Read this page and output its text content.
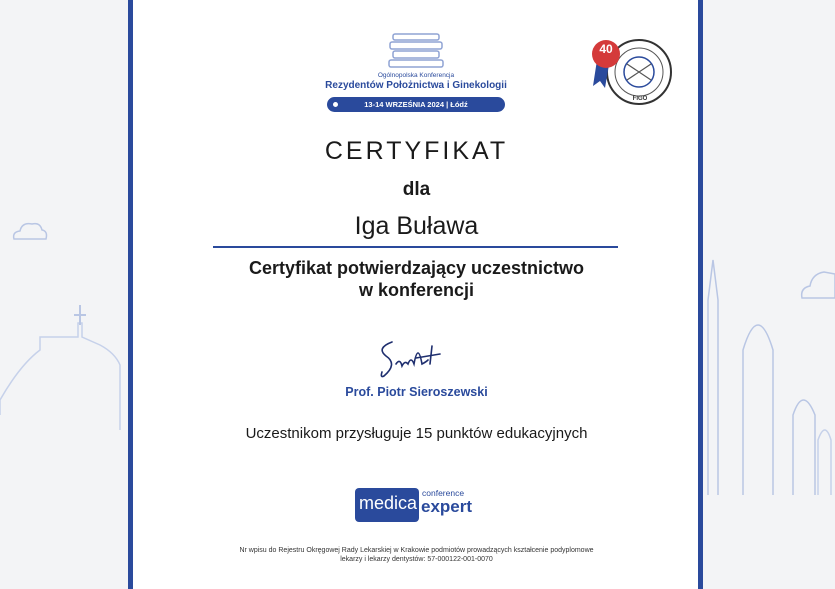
Ogólnopolska Konferencja
Rezydentów Położnictwa i Ginekologii
13-14 WRZEŚNIA 2024 | Łódź
40
FIGO
CERTYFIKAT
dla
Iga Buława
Certyfikat potwierdzający uczestnictwo
w konferencji
Prof. Piotr Sieroszewski
Uczestnikom przysługuje 15 punktów edukacyjnych
medica conference
expert
Nr wpisu do Rejestru Okręgowej Rady Lekarskiej w Krakowie podmiotów prowadzących kształcenie podyplomowe
lekarzy i lekarzy dentystów: 57-000122-001-0070
